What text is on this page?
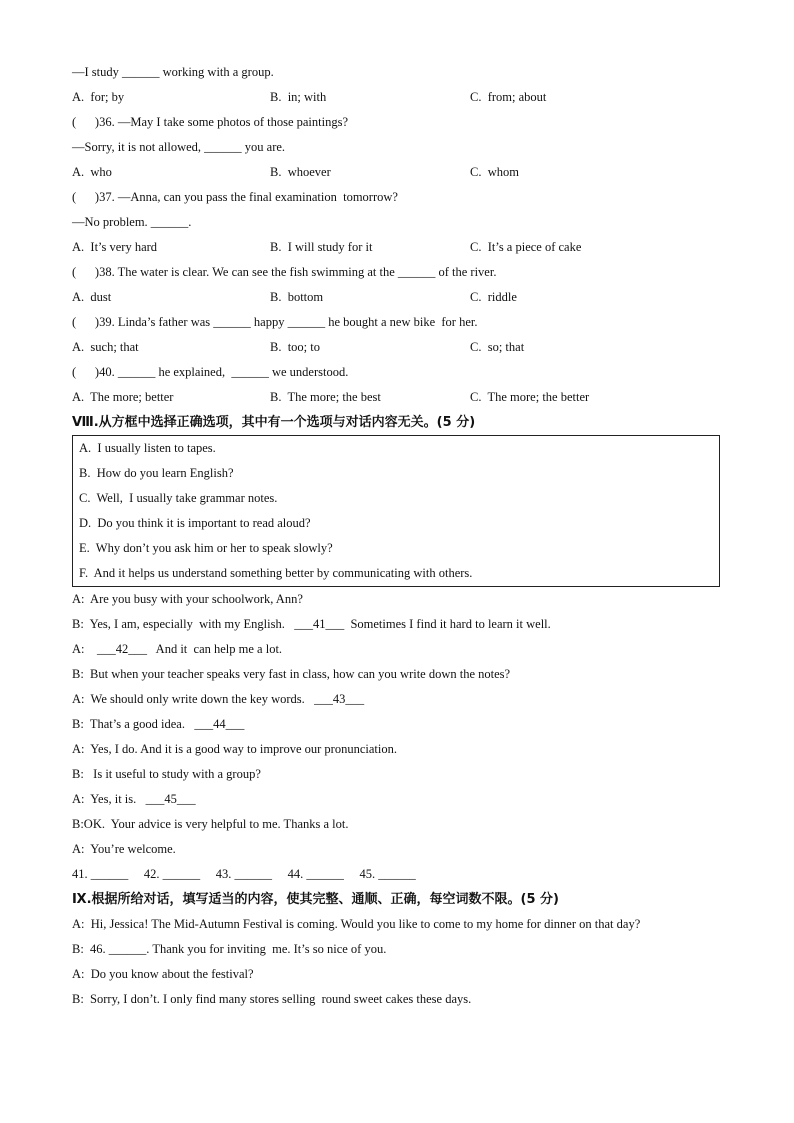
—I study ______ working with a group.
A.  for; by	B.  in; with	C.  from; about
(      )36. —May I take some photos of those paintings?
—Sorry, it is not allowed, ______ you are.
A.  who	B.  whoever	C.  whom
(      )37. —Anna, can you pass the final examination  tomorrow?
—No problem. ______.
A.  It’s very hard	B.  I will study for it	C.  It’s a piece of cake
(      )38. The water is clear. We can see the fish swimming at the ______ of the river.
A.  dust	B.  bottom	C.  riddle
(      )39. Linda’s father was ______ happy ______ he bought a new bike  for her.
A.  such; that	B.  too; to	C.  so; that
(      )40. ______ he explained,  ______ we understood.
A.  The more; better	B.  The more; the best	C.  The more; the better
Ⅷ.从方框中选择正确选项，其中有一个选项与对话内容无关。(5 分)
A.  I usually listen to tapes.
B.  How do you learn English?
C.  Well,  I usually take grammar notes.
D.  Do you think it is important to read aloud?
E.  Why don’t you ask him or her to speak slowly?
F.  And it helps us understand something better by communicating with others.
A:  Are you busy with your schoolwork, Ann?
B:  Yes, I am, especially  with my English.   ___41___  Sometimes I find it hard to learn it well.
A:    ___42___   And it  can help me a lot.
B:  But when your teacher speaks very fast in class, how can you write down the notes?
A:  We should only write down the key words.   ___43___
B:  That’s a good idea.   ___44___
A:  Yes, I do. And it is a good way to improve our pronunciation.
B:   Is it useful to study with a group?
A:  Yes, it is.   ___45___
B:OK.  Your advice is very helpful to me. Thanks a lot.
A:  You’re welcome.
41. ______     42. ______     43. ______     44. ______     45. ______
Ⅸ.根据所给对话，填写适当的内容，使其完整、通顺、正确，每空词数不限。(5 分)
A:  Hi, Jessica! The Mid-Autumn Festival is coming. Would you like to come to my home for dinner on that day?
B:  46. ______. Thank you for inviting  me. It’s so nice of you.
A:  Do you know about the festival?
B:  Sorry, I don’t. I only find many stores selling  round sweet cakes these days.
